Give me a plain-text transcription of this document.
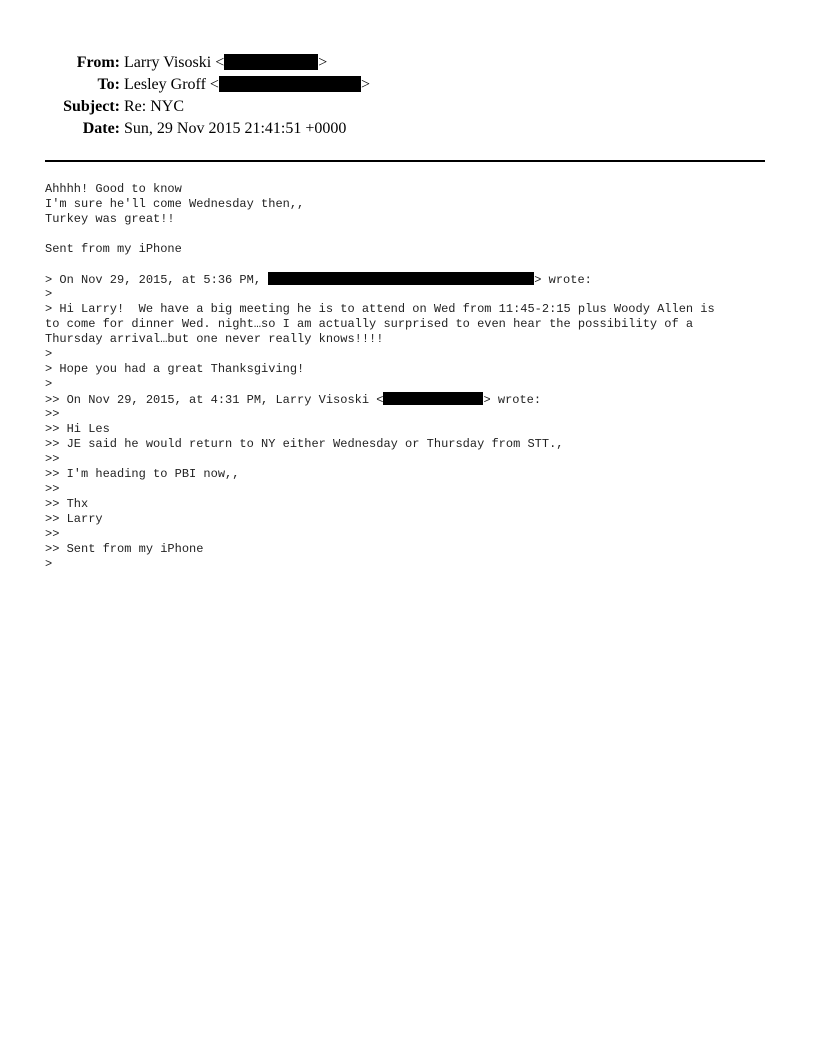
From: Larry Visoski <	>
To: Lesley Groff <	>
Subject: Re: NYC
Date: Sun, 29 Nov 2015 21:41:51 +0000
Ahhhh! Good to know
I'm sure he'll come Wednesday then,,
Turkey was great!!
Sent from my iPhone
> On Nov 29, 2015, at 5:36 PM,	> wrote:
>
> Hi Larry!  We have a big meeting he is to attend on Wed from 11:45-2:15 plus Woody Allen is
to come for dinner Wed. night…so I am actually surprised to even hear the possibility of a
Thursday arrival…but one never really knows!!!!
>
> Hope you had a great Thanksgiving!
>
>> On Nov 29, 2015, at 4:31 PM, Larry Visoski <	> wrote:
>>
>> Hi Les
>> JE said he would return to NY either Wednesday or Thursday from STT.,
>>
>> I'm heading to PBI now,,
>>
>> Thx
>> Larry
>>
>> Sent from my iPhone
>
